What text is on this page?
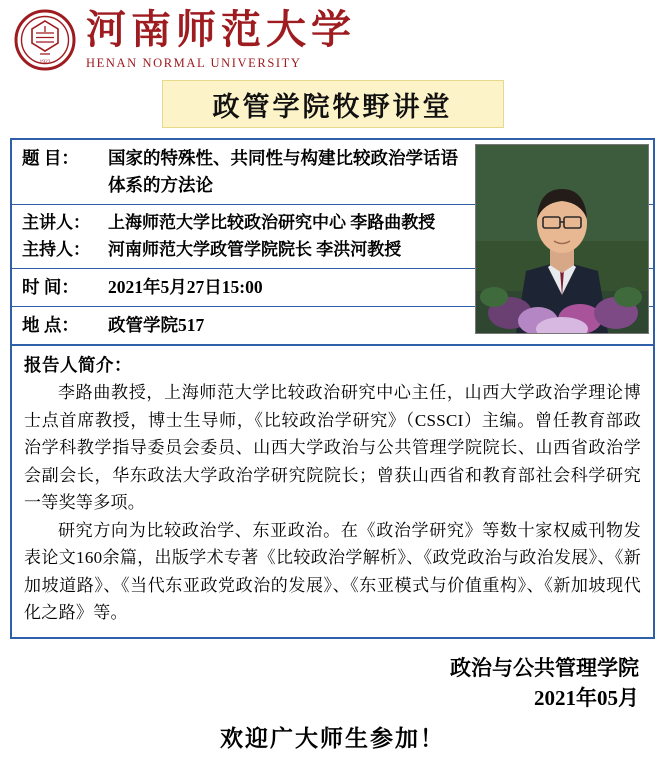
1923
河南师范大学
HENAN NORMAL UNIVERSITY
政管学院牧野讲堂
题 目：	国家的特殊性、共同性与构建比较政治学话语体系的方法论
主讲人：	上海师范大学比较政治研究中心 李路曲教授
主持人：	河南师范大学政管学院院长 李洪河教授
时 间：	2021年5月27日15:00
地 点：	政管学院517
报告人简介：

李路曲教授，上海师范大学比较政治研究中心主任，山西大学政治学理论博士点首席教授，博士生导师，《比较政治学研究》（CSSCI）主编。曾任教育部政治学科教学指导委员会委员、山西大学政治与公共管理学院院长、山西省政治学会副会长，华东政法大学政治学研究院院长；曾获山西省和教育部社会科学研究一等奖等多项。

研究方向为比较政治学、东亚政治。在《政治学研究》等数十家权威刊物发表论文160余篇，出版学术专著《比较政治学解析》、《政党政治与政治发展》、《新加坡道路》、《当代东亚政党政治的发展》、《东亚模式与价值重构》、《新加坡现代化之路》等。

政治与公共管理学院
2021年05月
欢迎广大师生参加！
